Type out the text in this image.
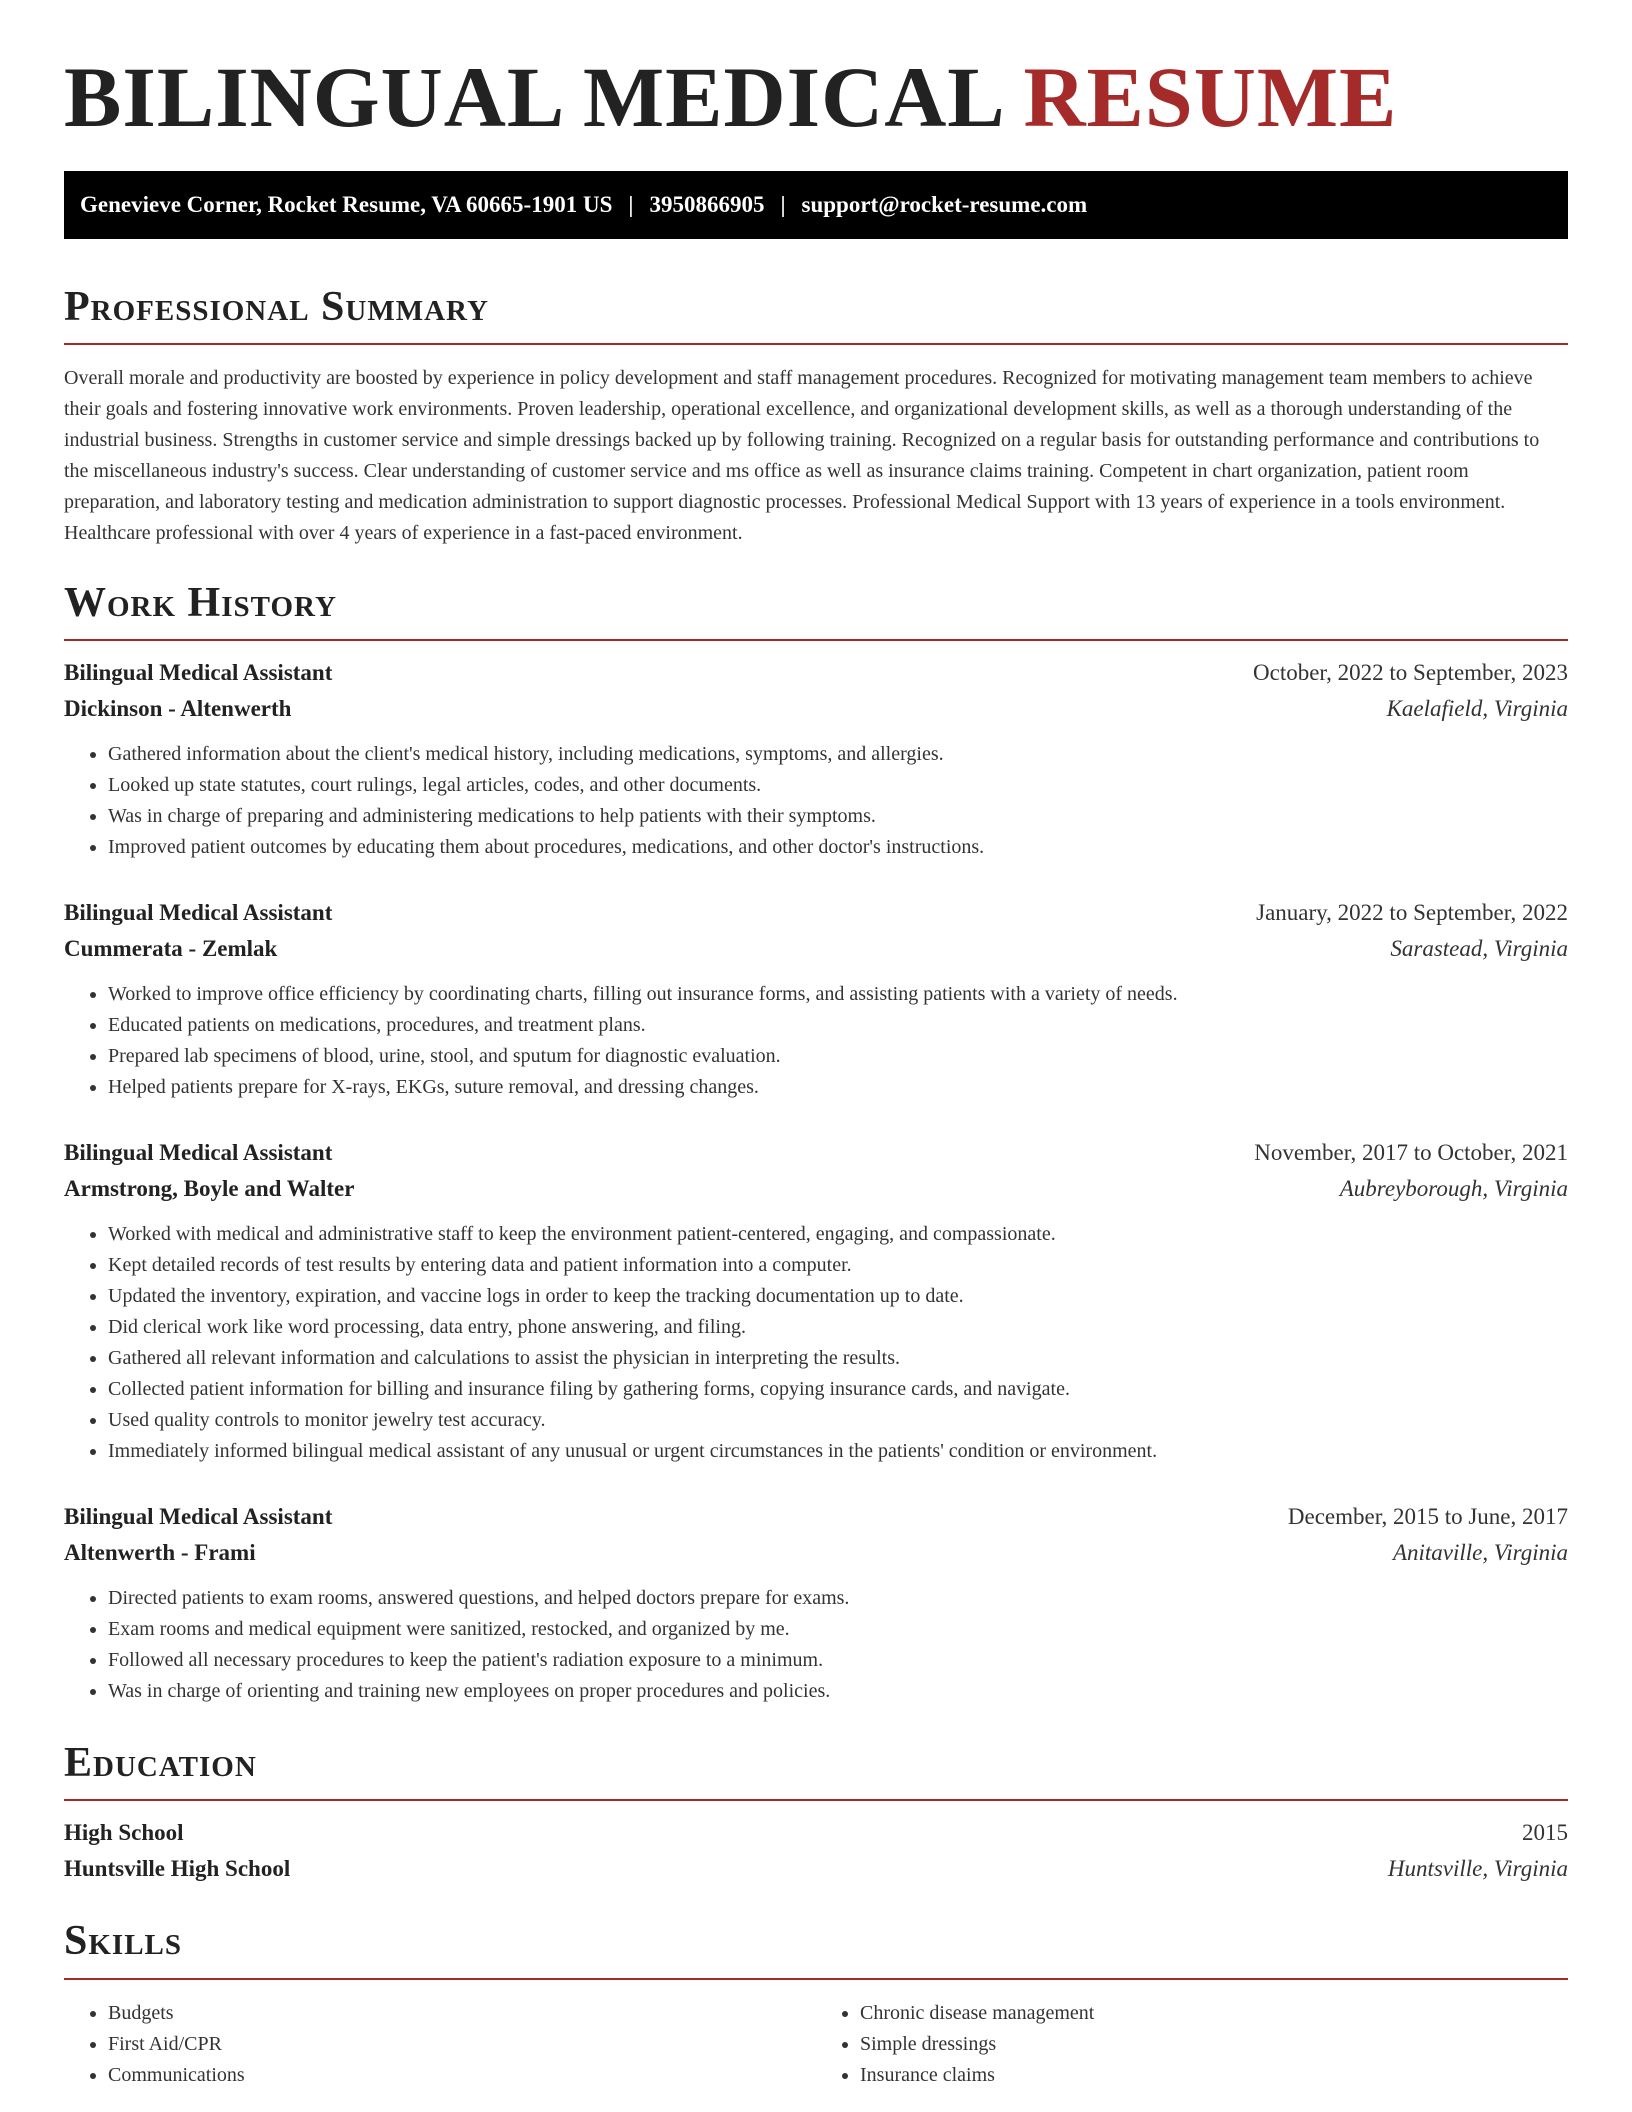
BILINGUAL MEDICAL RESUME
Genevieve Corner, Rocket Resume, VA 60665-1901 US | 3950866905 | support@rocket-resume.com
Professional Summary

Overall morale and productivity are boosted by experience in policy development and staff management procedures. Recognized for motivating management team members to achieve their goals and fostering innovative work environments. Proven leadership, operational excellence, and organizational development skills, as well as a thorough understanding of the industrial business. Strengths in customer service and simple dressings backed up by following training. Recognized on a regular basis for outstanding performance and contributions to the miscellaneous industry's success. Clear understanding of customer service and ms office as well as insurance claims training. Competent in chart organization, patient room preparation, and laboratory testing and medication administration to support diagnostic processes. Professional Medical Support with 13 years of experience in a tools environment. Healthcare professional with over 4 years of experience in a fast-paced environment.

Work History
Bilingual Medical Assistant	October, 2022 to September, 2023
Dickinson - Altenwerth	Kaelafield, Virginia
• Gathered information about the client's medical history, including medications, symptoms, and allergies.
• Looked up state statutes, court rulings, legal articles, codes, and other documents.
• Was in charge of preparing and administering medications to help patients with their symptoms.
• Improved patient outcomes by educating them about procedures, medications, and other doctor's instructions.
Bilingual Medical Assistant	January, 2022 to September, 2022
Cummerata - Zemlak	Sarastead, Virginia
• Worked to improve office efficiency by coordinating charts, filling out insurance forms, and assisting patients with a variety of needs.
• Educated patients on medications, procedures, and treatment plans.
• Prepared lab specimens of blood, urine, stool, and sputum for diagnostic evaluation.
• Helped patients prepare for X-rays, EKGs, suture removal, and dressing changes.
Bilingual Medical Assistant	November, 2017 to October, 2021
Armstrong, Boyle and Walter	Aubreyborough, Virginia
• Worked with medical and administrative staff to keep the environment patient-centered, engaging, and compassionate.
• Kept detailed records of test results by entering data and patient information into a computer.
• Updated the inventory, expiration, and vaccine logs in order to keep the tracking documentation up to date.
• Did clerical work like word processing, data entry, phone answering, and filing.
• Gathered all relevant information and calculations to assist the physician in interpreting the results.
• Collected patient information for billing and insurance filing by gathering forms, copying insurance cards, and navigate.
• Used quality controls to monitor jewelry test accuracy.
• Immediately informed bilingual medical assistant of any unusual or urgent circumstances in the patients' condition or environment.
Bilingual Medical Assistant	December, 2015 to June, 2017
Altenwerth - Frami	Anitaville, Virginia
• Directed patients to exam rooms, answered questions, and helped doctors prepare for exams.
• Exam rooms and medical equipment were sanitized, restocked, and organized by me.
• Followed all necessary procedures to keep the patient's radiation exposure to a minimum.
• Was in charge of orienting and training new employees on proper procedures and policies.
Education
High School	2015
Huntsville High School	Huntsville, Virginia
Skills
• Budgets
• First Aid/CPR
• Communications
• Chronic disease management
• Simple dressings
• Insurance claims
